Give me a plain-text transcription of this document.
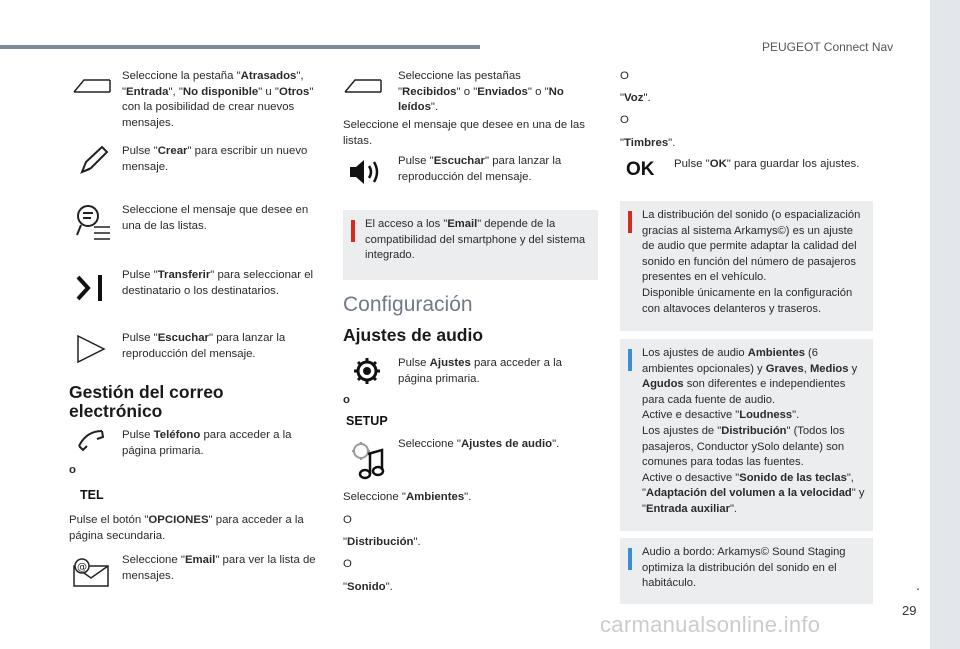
PEUGEOT Connect Nav
.
29
carmanualsonline.info
Seleccione la pestaña "Atrasados", "Entrada", "No disponible" u "Otros" con la posibilidad de crear nuevos mensajes.
Pulse "Crear" para escribir un nuevo mensaje.
Seleccione el mensaje que desee en una de las listas.
Pulse "Transferir" para seleccionar el destinatario o los destinatarios.
Pulse "Escuchar" para lanzar la reproducción del mensaje.
Gestión del correo electrónico
Pulse Teléfono para acceder a la página primaria.
o
TEL
Pulse el botón "OPCIONES" para acceder a la página secundaria.
@
Seleccione "Email" para ver la lista de mensajes.
Seleccione las pestañas "Recibidos" o "Enviados" o "No leídos".
Seleccione el mensaje que desee en una de las listas.
Pulse "Escuchar" para lanzar la reproducción del mensaje.
El acceso a los "Email" depende de la compatibilidad del smartphone y del sistema integrado.
Configuración
Ajustes de audio
Pulse Ajustes para acceder a la página primaria.
o
SETUP
Seleccione "Ajustes de audio".
Seleccione "Ambientes".
O
"Distribución".
O
"Sonido".
O
"Voz".
O
"Timbres".
OK Pulse "OK" para guardar los ajustes.
La distribución del sonido (o espacialización gracias al sistema Arkamys©) es un ajuste de audio que permite adaptar la calidad del sonido en función del número de pasajeros presentes en el vehículo.
Disponible únicamente en la configuración con altavoces delanteros y traseros.
Los ajustes de audio Ambientes (6 ambientes opcionales) y Graves, Medios y Agudos son diferentes e independientes para cada fuente de audio.
Active e desactive "Loudness".
Los ajustes de "Distribución" (Todos los pasajeros, Conductor ySolo delante) son comunes para todas las fuentes.
Active o desactive "Sonido de las teclas", "Adaptación del volumen a la velocidad" y "Entrada auxiliar".
Audio a bordo: Arkamys© Sound Staging optimiza la distribución del sonido en el habitáculo.
